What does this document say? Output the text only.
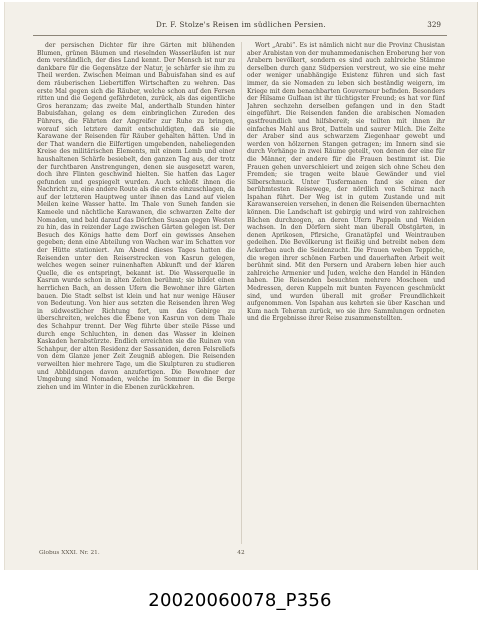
Dr. F. Stolze's Reisen im südlichen Persien.	329

der persischen Dichter für ihre Gärten mit blühenden Blumen, grünen Bäumen und rieselnden Wasserläufen ist nur dem verständlich, der dies Land kennt. Der Mensch ist nur zu dankbare für die Gegensätze der Natur, je schärfer sie ihm zu Theil werden. Zwischen Meiman und Babuisfahan sind es auf dem räuberischen Liebertiffen Wirtschaften zu wehren. Das erste Mal gegen sich die Räuber, welche schon auf den Fersen ritten und die Gegend gefährdeten, zurück, als das eigentliche Gros heranzam; das zweite Mal, anderthalb Stunden hinter Babuisfahan, gelang es dem einbringlichen Zureden des Führers, die Fährten der Angreifer zur Ruhe zu bringen, worauf sich letztere damit entschuldigten, daß sie die Karawane der Reisenden für Räuber gehalten hätten. Und in der That wandern die Eilfertigen umgebenden, naheliegenden Kreise des militärischen Elements, mit einem Lemb und einer haushaltenen Schärfe besiebelt, den ganzen Tag aus, der trotz der furchtbaren Anstrengungen, denen sie ausgesetzt waren, doch ihre Flinten geschwind hielten. Sie hatten das Lager gefunden und gespiegelt wurden. Auch schloßt ihnen die Nachricht zu, eine andere Route als die erste einzuschlagen, da auf der letzteren Hauptweg unter ihnen das Land auf vielen Meilen keine Wasser hatte. Im Thale von Suneh fanden sie Kameele und nächtliche Karawanen, die schwarzen Zelte der Nomaden, und bald darauf das Dörfchen Susaan gegen Westen zu hin, das in reizender Lage zwischen Gärten gelegen ist. Der Besuch des Königs hatte dem Dorf ein gewisses Ansehen gegeben; denn eine Abteilung von Wachen war im Schatten vor der Hütte stationiert. Am Abend dieses Tages hatten die Reisenden unter den Reiserstrecken von Kasrun gelegen, welches wegen seiner ruinenhaften Abkunft und der klaren Quelle, die es entspringt, bekannt ist. Die Wasserquelle in Kasrun wurde schon in alten Zeiten berühmt; sie bildet einen herrlichen Bach, an dessen Ufern die Bewohner ihre Gärten bauen. Die Stadt selbst ist klein und hat nur wenige Häuser von Bedeutung. Von hier aus setzten die Reisenden ihren Weg in südwestlicher Richtung fort, um das Gebirge zu überschreiten, welches die Ebene von Kasrun von dem Thale des Schahpur trennt. Der Weg führte über steile Pässe und durch enge Schluchten, in denen das Wasser in kleinen Kaskaden herabstürzte. Endlich erreichten sie die Ruinen von Schahpur, der alten Residenz der Sassaniden, deren Felsreliefs von dem Glanze jener Zeit Zeugniß ablegen. Die Reisenden verweilten hier mehrere Tage, um die Skulpturen zu studieren und Abbildungen davon anzufertigen. Die Bewohner der Umgebung sind Nomaden, welche im Sommer in die Berge ziehen und im Winter in die Ebenen zurückkehren.

Wort „Arabi“. Es ist nämlich nicht nur die Provinz Chusistan aber Arabistan von der muhammedanischen Eroberung her von Arabern bevölkert, sondern es sind auch zahlreiche Stämme derselben durch ganz Südpersien verstreut, wo sie eine mehr oder weniger unabhängige Existenz führen und sich fast immer, da sie Nomaden zu leben sich beständig weigern, im Kriege mit dem benachbarten Gouverneur befinden. Besonders der Hilsame Gulfaan ist ihr tüchtigster Freund; es hat vor fünf Jahren sechzehn derselben gefangen und in den Stadt eingeführt. Die Reisenden fanden die arabischen Nomaden gastfreundlich und hilfsbereit; sie teilten mit ihnen ihr einfaches Mahl aus Brot, Datteln und saurer Milch. Die Zelte der Araber sind aus schwarzem Ziegenhaar gewebt und werden von hölzernen Stangen getragen; im Innern sind sie durch Vorhänge in zwei Räume geteilt, von denen der eine für die Männer, der andere für die Frauen bestimmt ist. Die Frauen gehen unverschleiert und zeigen sich ohne Scheu den Fremden; sie tragen weite blaue Gewänder und viel Silberschmuck. Unter Tusfermanen fand sie einen der berühmtesten Reisewege, der nördlich von Schiraz nach Ispahan führt. Der Weg ist in gutem Zustande und mit Karawansereien versehen, in denen die Reisenden übernachten können. Die Landschaft ist gebirgig und wird von zahlreichen Bächen durchzogen, an deren Ufern Pappeln und Weiden wachsen. In den Dörfern sieht man überall Obstgärten, in denen Aprikosen, Pfirsiche, Granatäpfel und Weintrauben gedeihen. Die Bevölkerung ist fleißig und betreibt neben dem Ackerbau auch die Seidenzucht. Die Frauen weben Teppiche, die wegen ihrer schönen Farben und dauerhaften Arbeit weit berühmt sind. Mit den Persern und Arabern leben hier auch zahlreiche Armenier und Juden, welche den Handel in Händen haben. Die Reisenden besuchten mehrere Moscheen und Medressen, deren Kuppeln mit bunten Fayencen geschmückt sind, und wurden überall mit großer Freundlichkeit aufgenommen. Von Ispahan aus kehrten sie über Kaschan und Kum nach Teheran zurück, wo sie ihre Sammlungen ordneten und die Ergebnisse ihrer Reise zusammenstellten.

Globus XXXI. Nr. 21.	42
20020060078_P356
